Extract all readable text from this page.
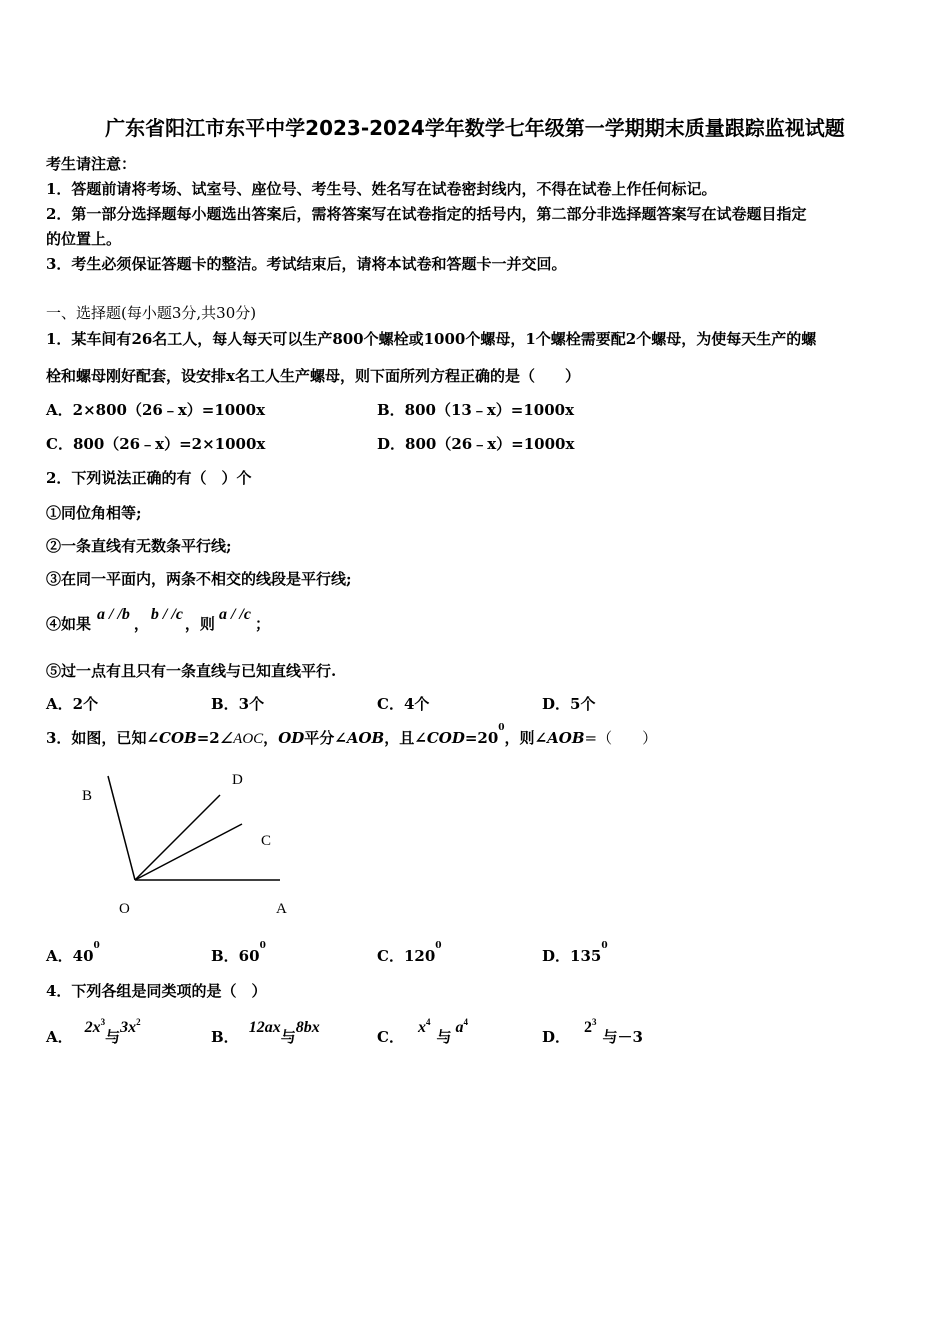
广东省阳江市东平中学2023-2024学年数学七年级第一学期期末质量跟踪监视试题
考生请注意：
1．答题前请将考场、试室号、座位号、考生号、姓名写在试卷密封线内，不得在试卷上作任何标记。
2．第一部分选择题每小题选出答案后，需将答案写在试卷指定的括号内，第二部分非选择题答案写在试卷题目指定
的位置上。
3．考生必须保证答题卡的整洁。考试结束后，请将本试卷和答题卡一并交回。
一、选择题(每小题3分,共30分)
1．某车间有26名工人，每人每天可以生产800个螺栓或1000个螺母，1个螺栓需要配2个螺母，为使每天生产的螺
栓和螺母刚好配套，设安排x名工人生产螺母，则下面所列方程正确的是（　　）
A．2×800（26﹣x）=1000x	B．800（13﹣x）=1000x
C．800（26﹣x）=2×1000x	D．800（26﹣x）=1000x
2．下列说法正确的有（　）个
①同位角相等;
②一条直线有无数条平行线;
③在同一平面内，两条不相交的线段是平行线;
④如果a / /b，b / /c，则a / /c；
⑤过一点有且只有一条直线与已知直线平行.
A．2个	B．3个	C．4个	D．5个
3．如图，已知∠COB=2∠AOC，OD平分∠AOB，且$\angle COD=20^0$，则∠AOB=（　　）
B
D
C
O	A
A．$40^0$
B．$60^0$
C．$120^0$
D．$135^0$
4．下列各组是同类项的是（　）
A．$2x^3$与$3x^2$
B．12ax与8bx
C．$x^4$与$a^4$
D．$2^3$与－3
